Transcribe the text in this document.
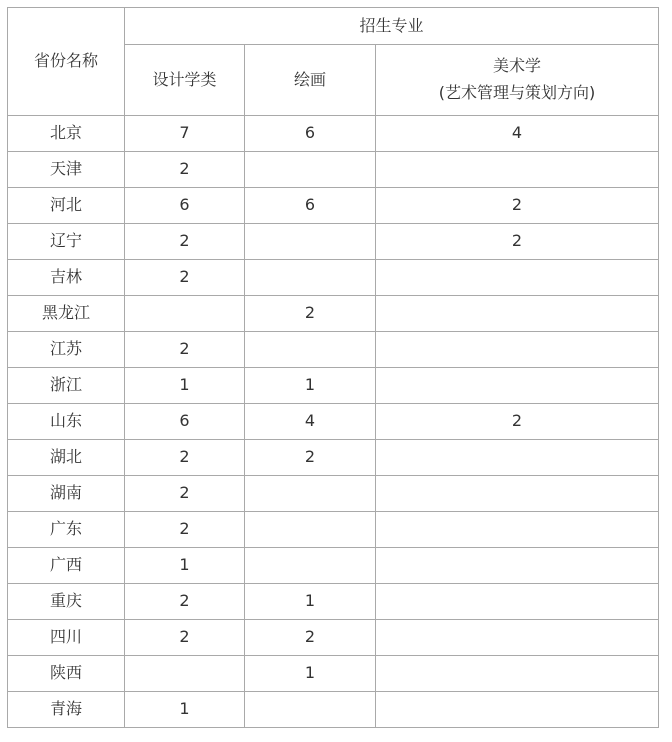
省份名称	招生专业		
	设计学类	绘画	美术学
(艺术管理与策划方向)

北京	7	6	4
天津	2		
河北	6	6	2
辽宁	2		2
吉林	2		
黑龙江		2	
江苏	2		
浙江	1	1	
山东	6	4	2
湖北	2	2	
湖南	2		
广东	2		
广西	1		
重庆	2	1	
四川	2	2	
陕西		1	
青海	1		
